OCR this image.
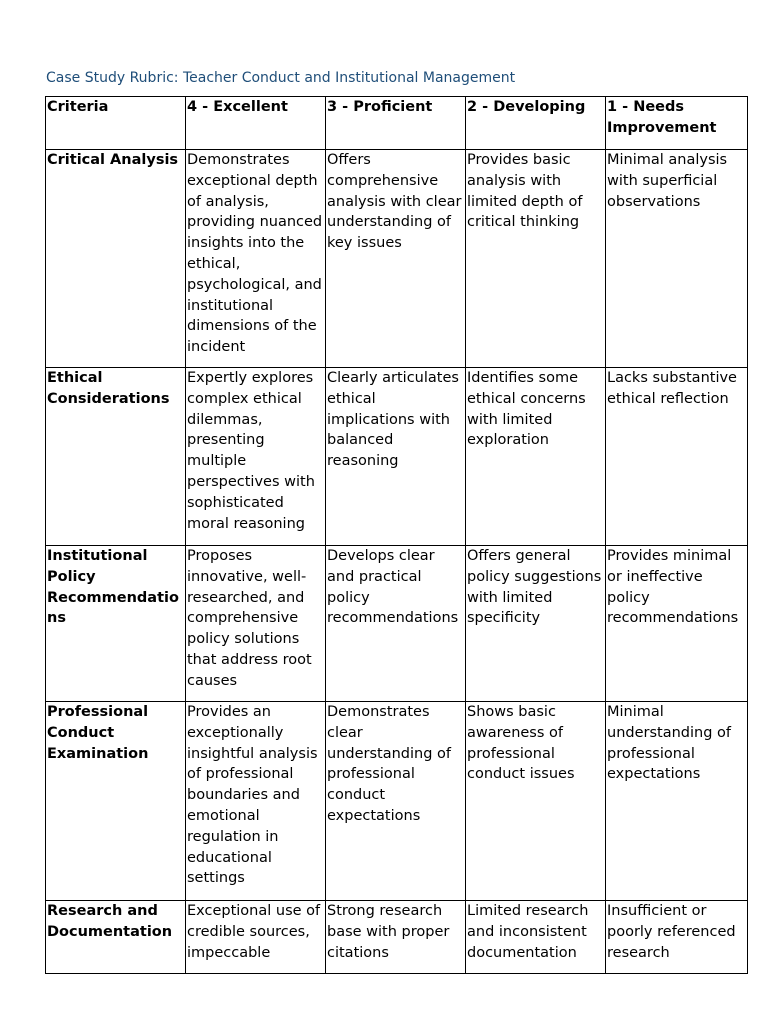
Case Study Rubric: Teacher Conduct and Institutional Management
Criteria	4 - Excellent	3 - Proficient	2 - Developing	1 - Needs Improvement
Critical Analysis	Demonstrates exceptional depth of analysis, providing nuanced insights into the ethical, psychological, and institutional dimensions of the incident	Offers comprehensive analysis with clear understanding of key issues	Provides basic analysis with limited depth of critical thinking	Minimal analysis with superficial observations
Ethical Considerations	Expertly explores complex ethical dilemmas, presenting multiple perspectives with sophisticated moral reasoning	Clearly articulates ethical implications with balanced reasoning	Identifies some ethical concerns with limited exploration	Lacks substantive ethical reflection
Institutional Policy Recommendations	Proposes innovative, well-researched, and comprehensive policy solutions that address root causes	Develops clear and practical policy recommendations	Offers general policy suggestions with limited specificity	Provides minimal or ineffective policy recommendations
Professional Conduct Examination	Provides an exceptionally insightful analysis of professional boundaries and emotional regulation in educational settings	Demonstrates clear understanding of professional conduct expectations	Shows basic awareness of professional conduct issues	Minimal understanding of professional expectations
Research and Documentation	Exceptional use of credible sources, impeccable	Strong research base with proper citations	Limited research and inconsistent documentation	Insufficient or poorly referenced research
